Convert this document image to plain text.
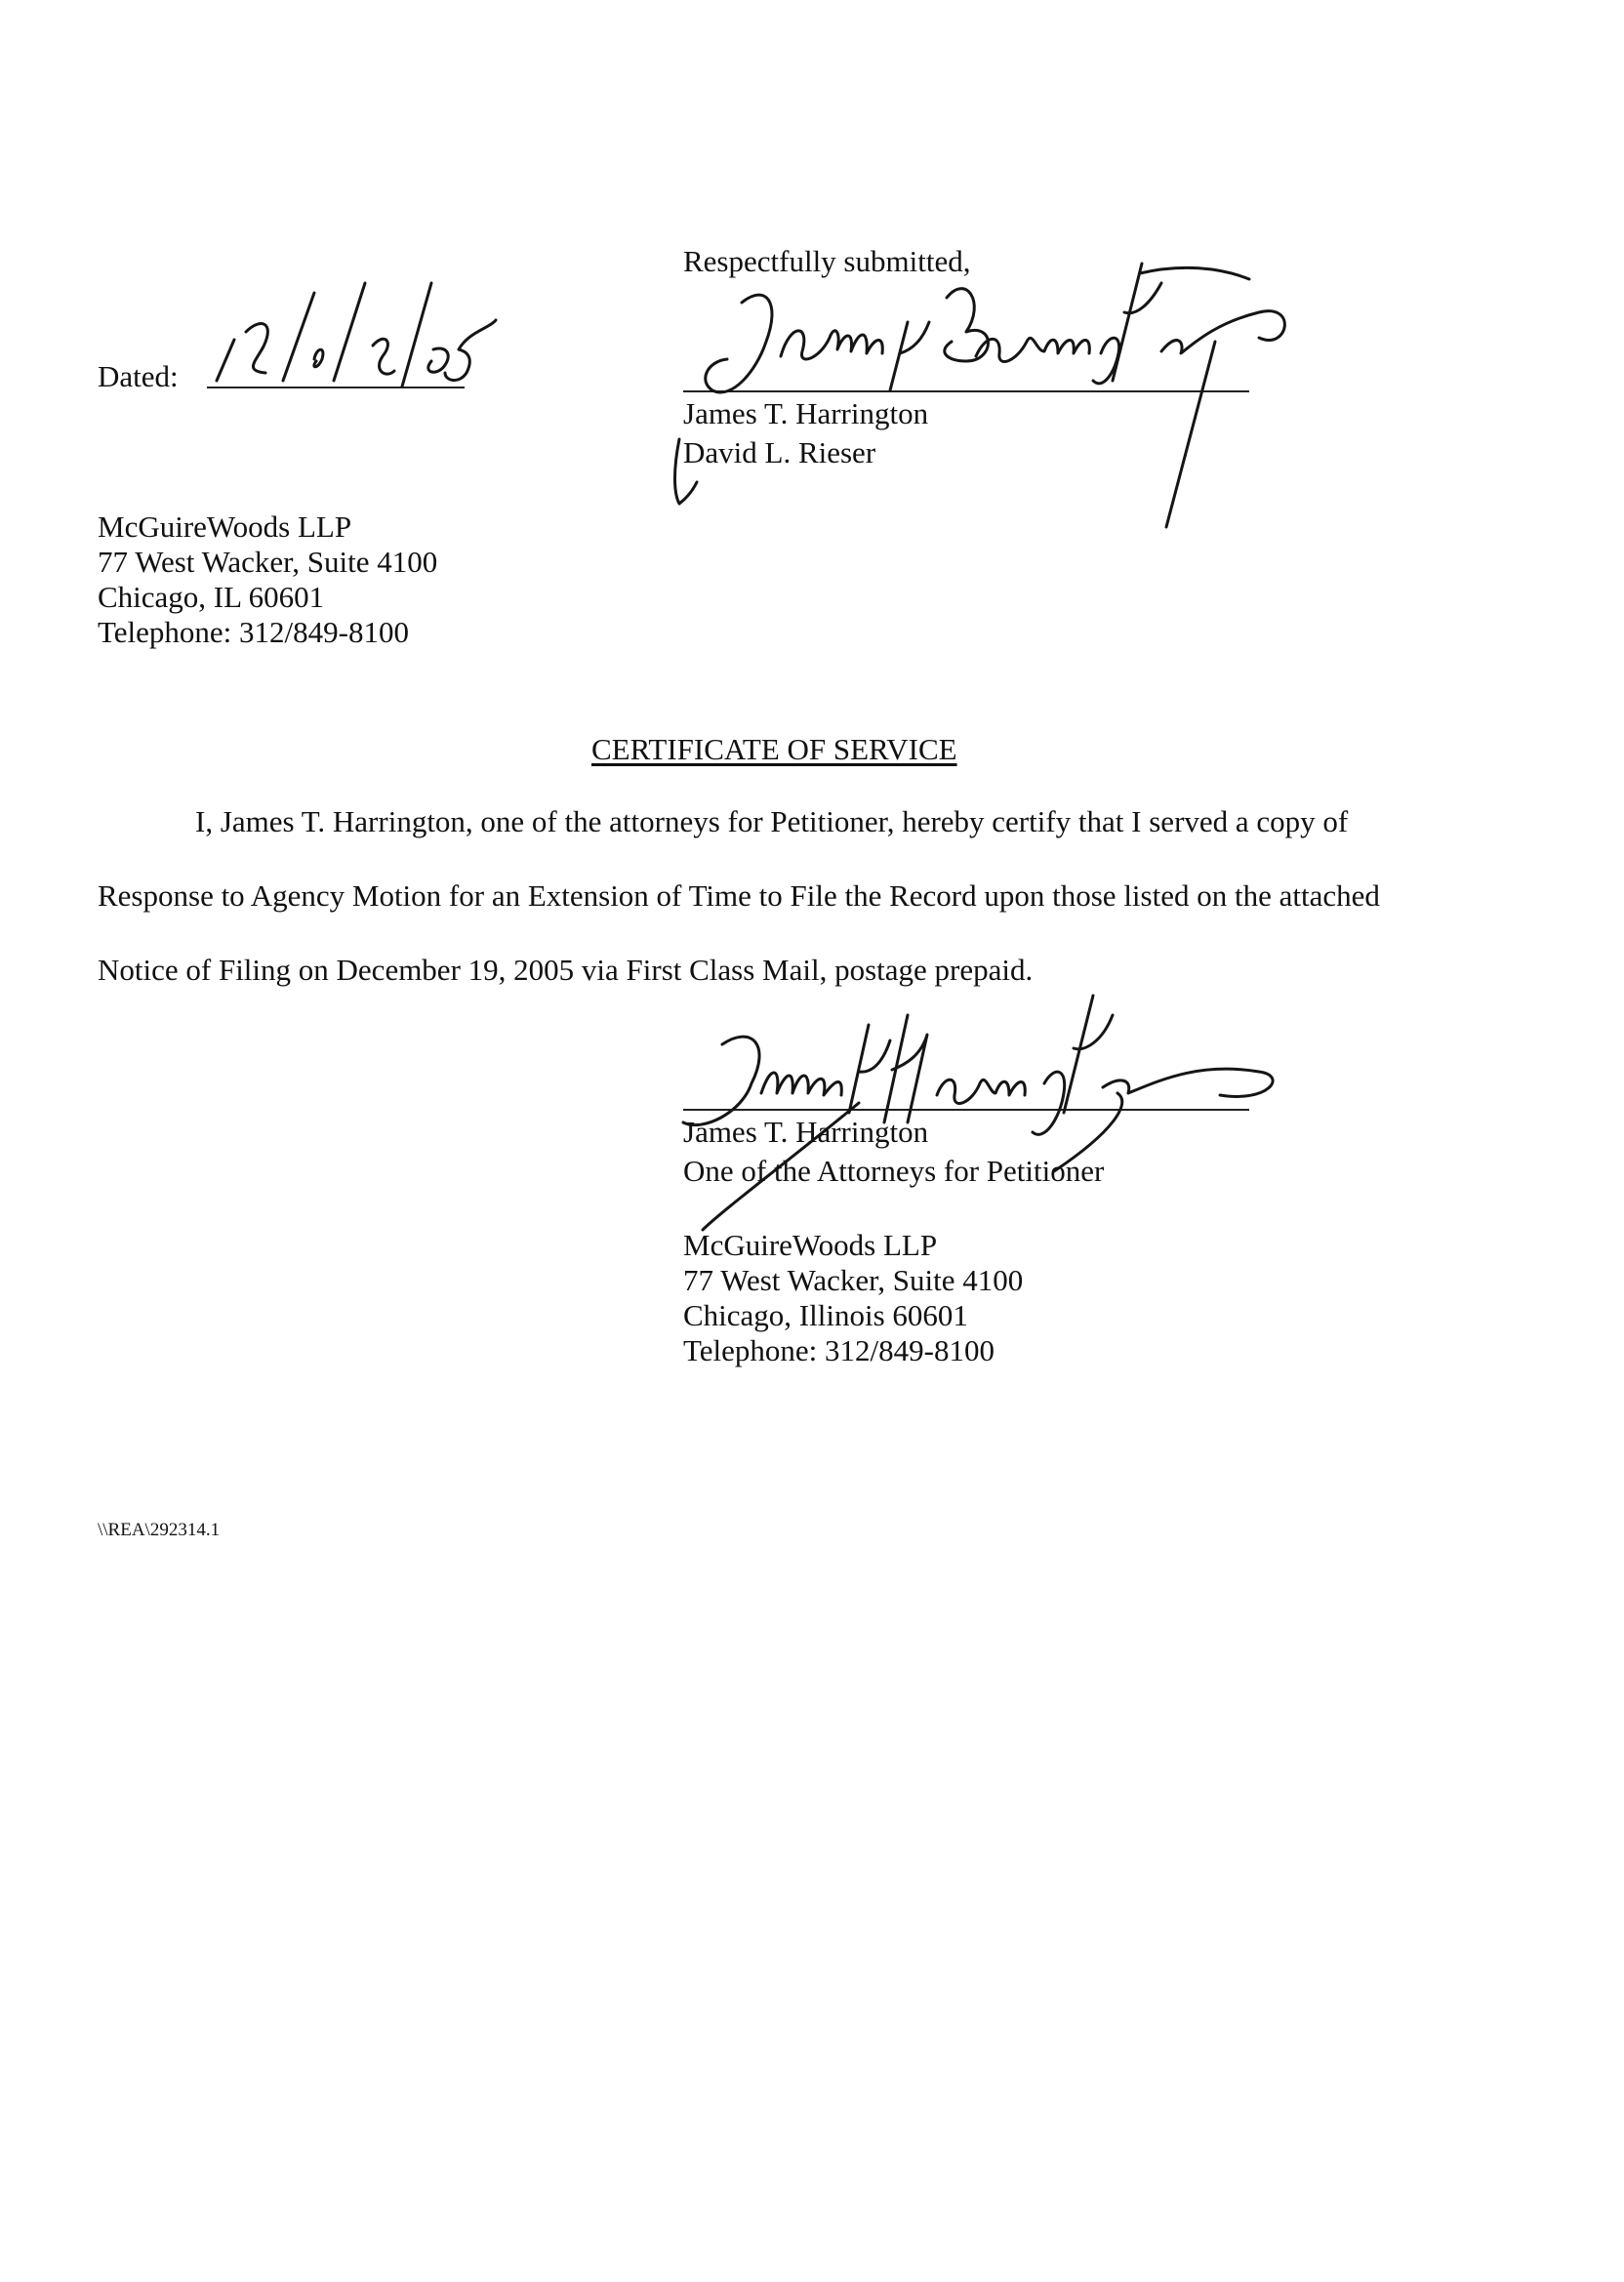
Respectfully submitted,
Dated:
James T. Harrington
David L. Rieser
McGuireWoods LLP
77 West Wacker, Suite 4100
Chicago, IL 60601
Telephone: 312/849-8100
CERTIFICATE OF SERVICE
I, James T. Harrington, one of the attorneys for Petitioner, hereby certify that I served a copy of
Response to Agency Motion for an Extension of Time to File the Record upon those listed on the attached
Notice of Filing on December 19, 2005 via First Class Mail, postage prepaid.
James T. Harrington
One of the Attorneys for Petitioner
McGuireWoods LLP
77 West Wacker, Suite 4100
Chicago, Illinois 60601
Telephone: 312/849-8100
\\REA\292314.1
